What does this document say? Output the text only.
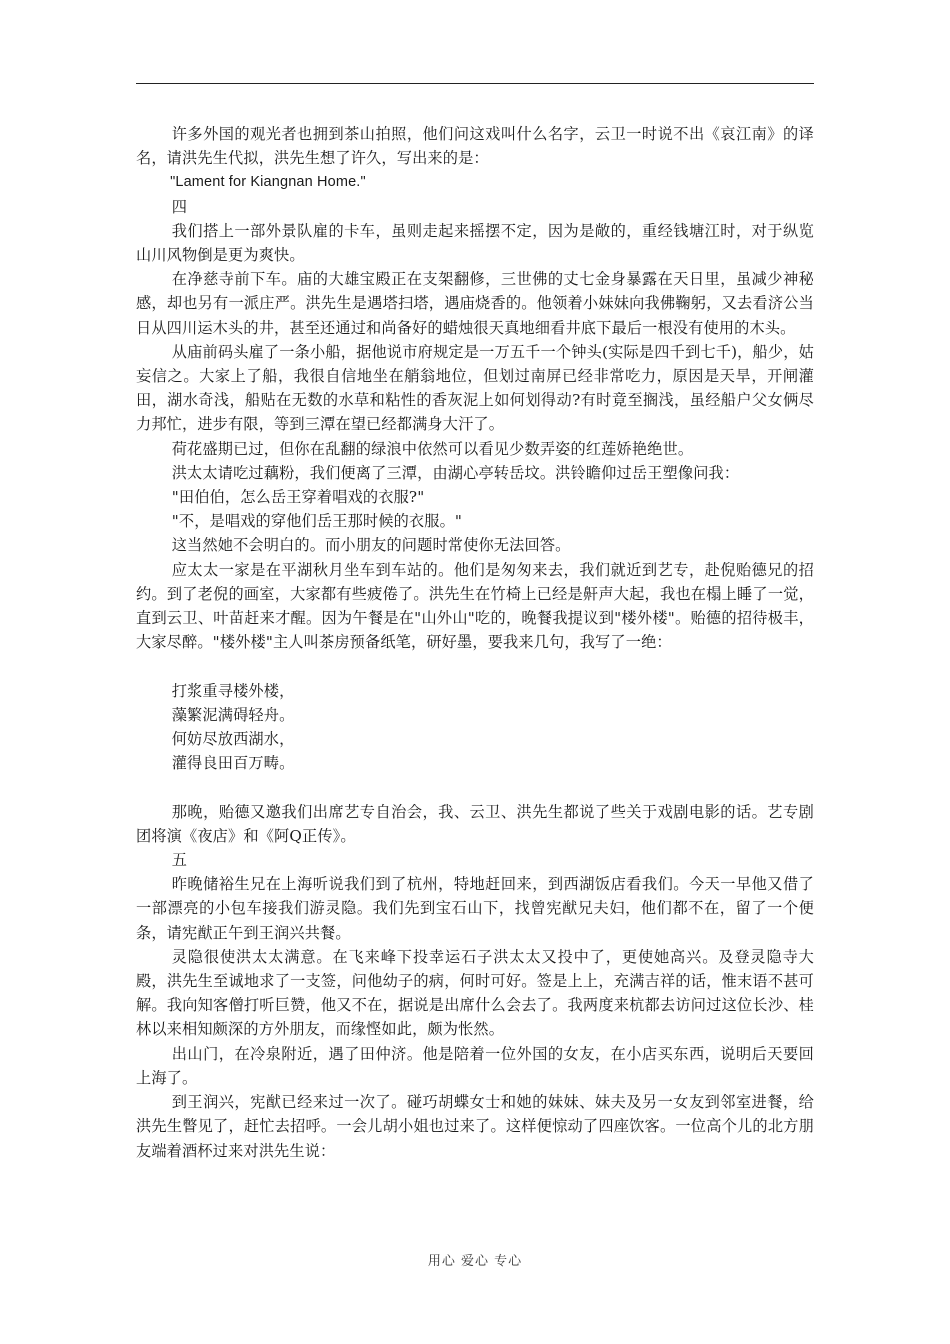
许多外国的观光者也拥到茶山拍照，他们问这戏叫什么名字，云卫一时说不出《哀江南》的译名，请洪先生代拟，洪先生想了许久，写出来的是：

"Lament for Kiangnan Home."

四

我们搭上一部外景队雇的卡车，虽则走起来摇摆不定，因为是敞的，重经钱塘江时，对于纵览山川风物倒是更为爽快。

在净慈寺前下车。庙的大雄宝殿正在支架翻修，三世佛的丈七金身暴露在天日里，虽减少神秘感，却也另有一派庄严。洪先生是遇塔扫塔，遇庙烧香的。他领着小妹妹向我佛鞠躬，又去看济公当日从四川运木头的井，甚至还通过和尚备好的蜡烛很天真地细看井底下最后一根没有使用的木头。

从庙前码头雇了一条小船，据他说市府规定是一万五千一个钟头(实际是四千到七千)，船少，姑妄信之。大家上了船，我很自信地坐在艄翁地位，但划过南屏已经非常吃力，原因是天旱，开闸灌田，湖水奇浅，船贴在无数的水草和粘性的香灰泥上如何划得动?有时竟至搁浅，虽经船户父女俩尽力邦忙，进步有限，等到三潭在望已经都满身大汗了。

荷花盛期已过，但你在乱翻的绿浪中依然可以看见少数弄姿的红莲娇艳绝世。

洪太太请吃过藕粉，我们便离了三潭，由湖心亭转岳坟。洪铃瞻仰过岳王塑像问我：

"田伯伯，怎么岳王穿着唱戏的衣服?"

"不，是唱戏的穿他们岳王那时候的衣服。"

这当然她不会明白的。而小朋友的问题时常使你无法回答。

应太太一家是在平湖秋月坐车到车站的。他们是匆匆来去，我们就近到艺专，赴倪贻德兄的招约。到了老倪的画室，大家都有些疲倦了。洪先生在竹椅上已经是鼾声大起，我也在榻上睡了一觉，直到云卫、叶苗赶来才醒。因为午餐是在"山外山"吃的，晚餐我提议到"楼外楼"。贻德的招待极丰，大家尽醉。"楼外楼"主人叫茶房预备纸笔，研好墨，要我来几句，我写了一绝：

打浆重寻楼外楼，

藻繁泥满碍轻舟。

何妨尽放西湖水，

灌得良田百万畴。

那晚，贻德又邀我们出席艺专自治会，我、云卫、洪先生都说了些关于戏剧电影的话。艺专剧团将演《夜店》和《阿Q正传》。

五

昨晚储裕生兄在上海听说我们到了杭州，特地赶回来，到西湖饭店看我们。今天一早他又借了一部漂亮的小包车接我们游灵隐。我们先到宝石山下，找曾宪猷兄夫妇，他们都不在，留了一个便条，请宪猷正午到王润兴共餐。

灵隐很使洪太太满意。在飞来峰下投幸运石子洪太太又投中了，更使她高兴。及登灵隐寺大殿，洪先生至诚地求了一支签，问他幼子的病，何时可好。签是上上，充满吉祥的话，惟末语不甚可解。我向知客僧打听巨赞，他又不在，据说是出席什么会去了。我两度来杭都去访问过这位长沙、桂林以来相知颇深的方外朋友，而缘悭如此，颇为怅然。

出山门，在冷泉附近，遇了田仲济。他是陪着一位外国的女友，在小店买东西，说明后天要回上海了。

到王润兴，宪猷已经来过一次了。碰巧胡蝶女士和她的妹妹、妹夫及另一女友到邻室进餐，给洪先生瞥见了，赶忙去招呼。一会儿胡小姐也过来了。这样便惊动了四座饮客。一位高个儿的北方朋友端着酒杯过来对洪先生说：

用心 爱心 专心
